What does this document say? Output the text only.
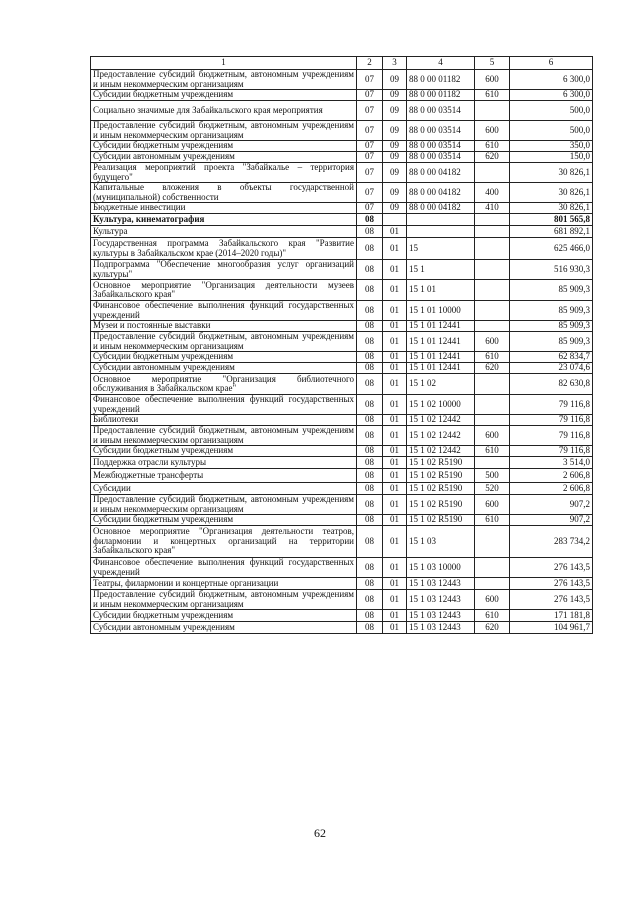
1	2	3	4	5	6
Предоставление субсидий бюджетным, автономным учреждениям и иным некоммерческим организациям	07	09	88 0 00 01182	600	6 300,0
Субсидии бюджетным учреждениям	07	09	88 0 00 01182	610	6 300,0
Социально значимые для Забайкальского края мероприятия	07	09	88 0 00 03514		500,0
Предоставление субсидий бюджетным, автономным учреждениям и иным некоммерческим организациям	07	09	88 0 00 03514	600	500,0
Субсидии бюджетным учреждениям	07	09	88 0 00 03514	610	350,0
Субсидии автономным учреждениям	07	09	88 0 00 03514	620	150,0
Реализация мероприятий проекта "Забайкалье – территория будущего"	07	09	88 0 00 04182		30 826,1
Капитальные вложения в объекты государственной (муниципальной) собственности	07	09	88 0 00 04182	400	30 826,1
Бюджетные инвестиции	07	09	88 0 00 04182	410	30 826,1
Культура, кинематография	08				801 565,8
Культура	08	01			681 892,1
Государственная программа Забайкальского края "Развитие культуры в Забайкальском крае (2014–2020 годы)"	08	01	15		625 466,0
Подпрограмма "Обеспечение многообразия услуг организаций культуры"	08	01	15 1		516 930,3
Основное мероприятие "Организация деятельности музеев Забайкальского края"	08	01	15 1 01		85 909,3
Финансовое обеспечение выполнения функций государственных учреждений	08	01	15 1 01 10000		85 909,3
Музеи и постоянные выставки	08	01	15 1 01 12441		85 909,3
Предоставление субсидий бюджетным, автономным учреждениям и иным некоммерческим организациям	08	01	15 1 01 12441	600	85 909,3
Субсидии бюджетным учреждениям	08	01	15 1 01 12441	610	62 834,7
Субсидии автономным учреждениям	08	01	15 1 01 12441	620	23 074,6
Основное мероприятие "Организация библиотечного обслуживания в Забайкальском крае"	08	01	15 1 02		82 630,8
Финансовое обеспечение выполнения функций государственных учреждений	08	01	15 1 02 10000		79 116,8
Библиотеки	08	01	15 1 02 12442		79 116,8
Предоставление субсидий бюджетным, автономным учреждениям и иным некоммерческим организациям	08	01	15 1 02 12442	600	79 116,8
Субсидии бюджетным учреждениям	08	01	15 1 02 12442	610	79 116,8
Поддержка отрасли культуры	08	01	15 1 02 R5190		3 514,0
Межбюджетные трансферты	08	01	15 1 02 R5190	500	2 606,8
Субсидии	08	01	15 1 02 R5190	520	2 606,8
Предоставление субсидий бюджетным, автономным учреждениям и иным некоммерческим организациям	08	01	15 1 02 R5190	600	907,2
Субсидии бюджетным учреждениям	08	01	15 1 02 R5190	610	907,2
Основное мероприятие "Организация деятельности театров, филармонии и концертных организаций на территории Забайкальского края"	08	01	15 1 03		283 734,2
Финансовое обеспечение выполнения функций государственных учреждений	08	01	15 1 03 10000		276 143,5
Театры, филармонии и концертные организации	08	01	15 1 03 12443		276 143,5
Предоставление субсидий бюджетным, автономным учреждениям и иным некоммерческим организациям	08	01	15 1 03 12443	600	276 143,5
Субсидии бюджетным учреждениям	08	01	15 1 03 12443	610	171 181,8
Субсидии автономным учреждениям	08	01	15 1 03 12443	620	104 961,7
62
